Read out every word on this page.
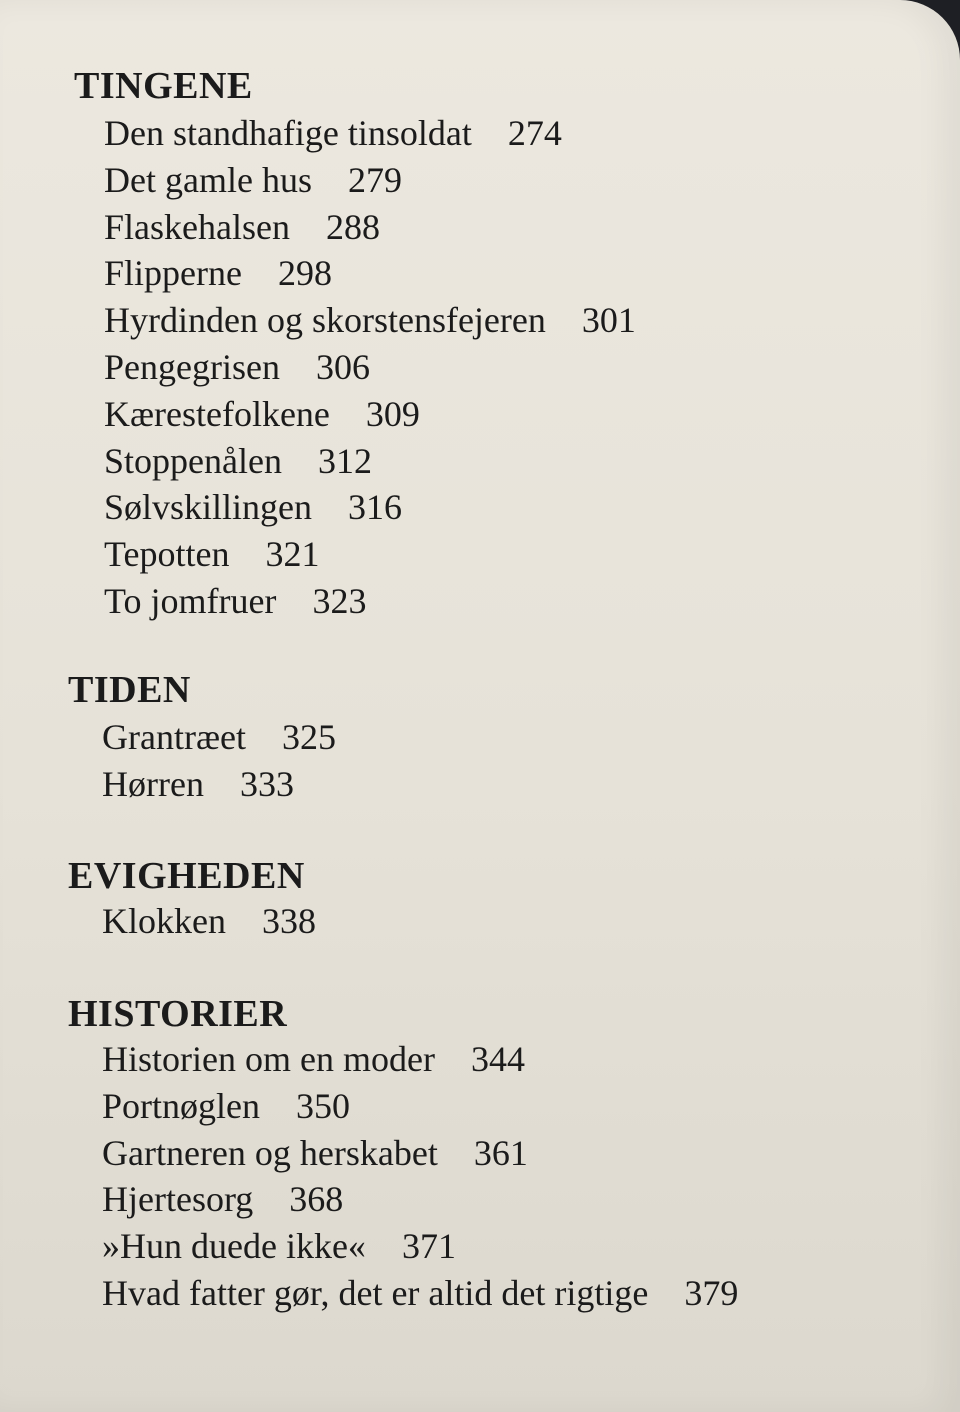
TINGENE
Den standhafige tinsoldat 274
Det gamle hus 279
Flaskehalsen 288
Flipperne 298
Hyrdinden og skorstensfejeren 301
Pengegrisen 306
Kærestefolkene 309
Stoppenålen 312
Sølvskillingen 316
Tepotten 321
To jomfruer 323
TIDEN
Grantræet 325
Hørren 333
EVIGHEDEN
Klokken 338
HISTORIER
Historien om en moder 344
Portnøglen 350
Gartneren og herskabet 361
Hjertesorg 368
»Hun duede ikke« 371
Hvad fatter gør, det er altid det rigtige 379
